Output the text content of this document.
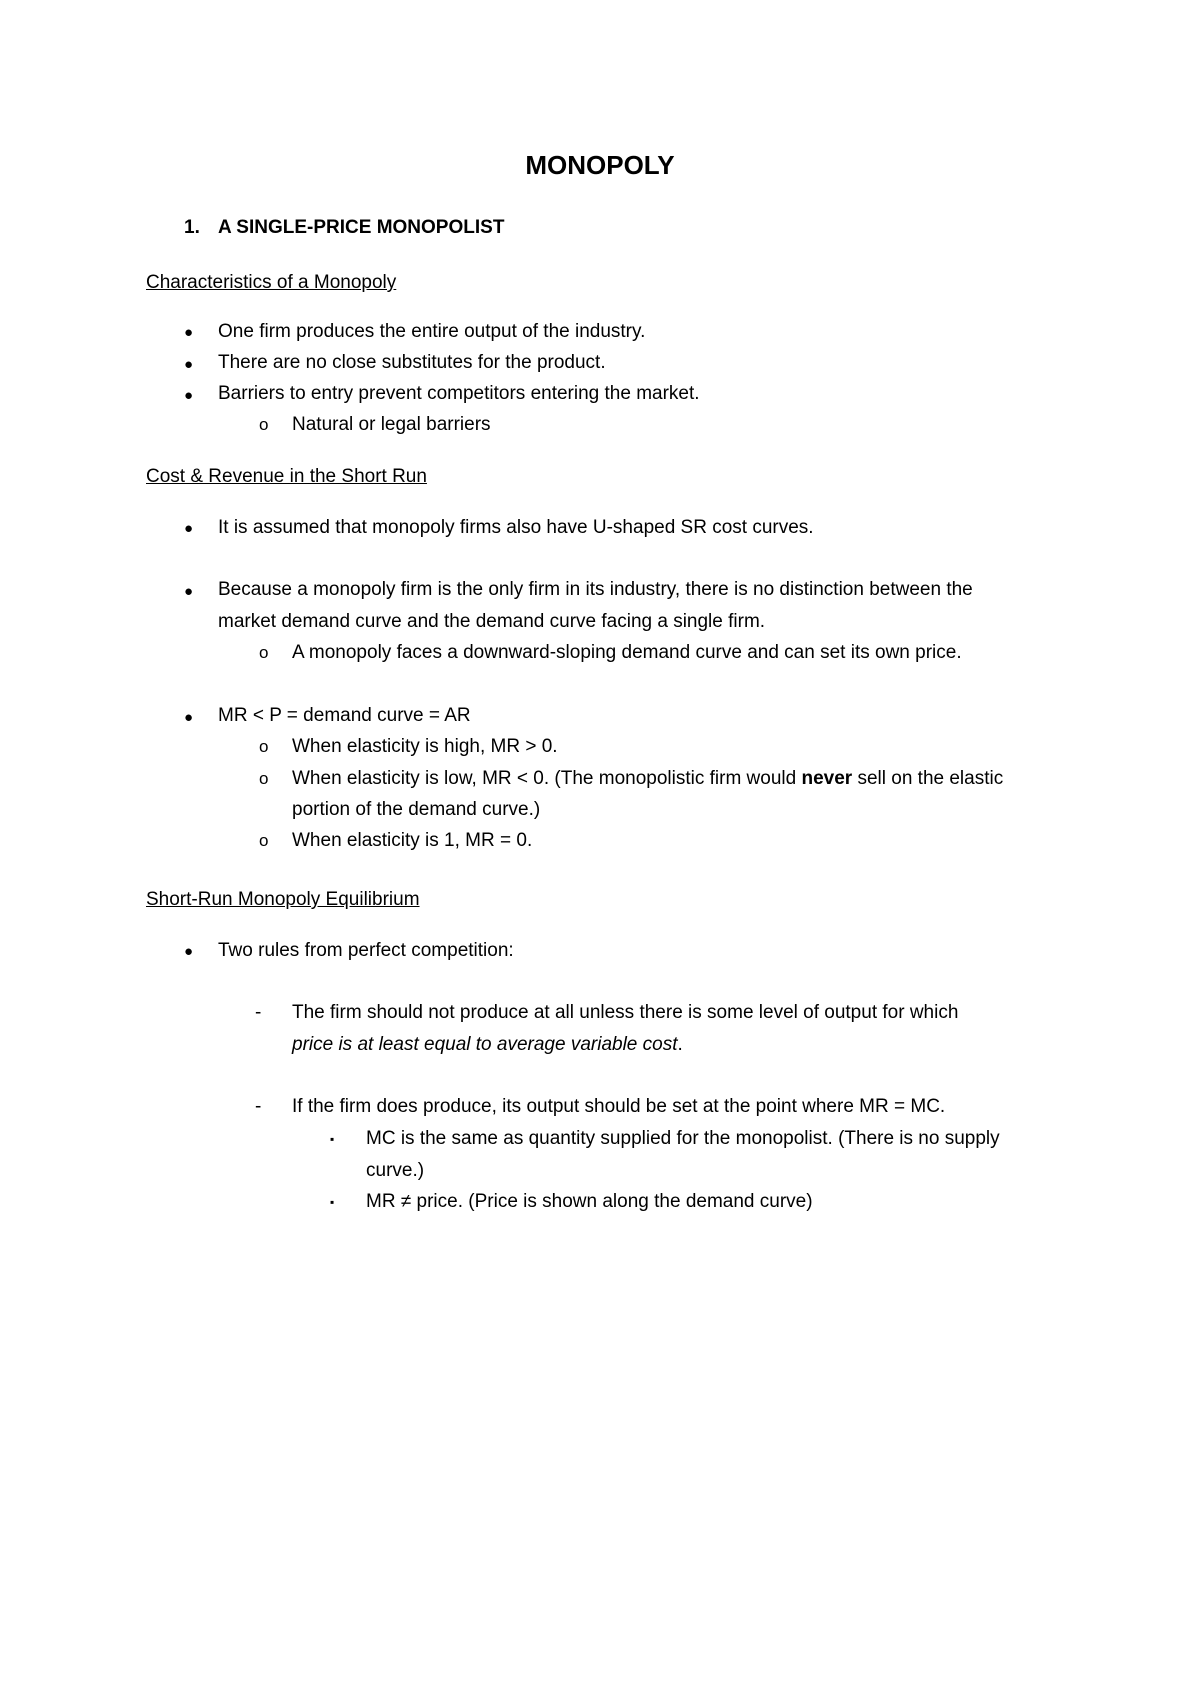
MONOPOLY
1. A SINGLE-PRICE MONOPOLIST
Characteristics of a Monopoly
● One firm produces the entire output of the industry.
● There are no close substitutes for the product.
● Barriers to entry prevent competitors entering the market.
o Natural or legal barriers
Cost & Revenue in the Short Run
● It is assumed that monopoly firms also have U-shaped SR cost curves.
● Because a monopoly firm is the only firm in its industry, there is no distinction between the
market demand curve and the demand curve facing a single firm.
o A monopoly faces a downward-sloping demand curve and can set its own price.
● MR < P = demand curve = AR
o When elasticity is high, MR > 0.
o When elasticity is low, MR < 0. (The monopolistic firm would never sell on the elastic
portion of the demand curve.)
o When elasticity is 1, MR = 0.
Short-Run Monopoly Equilibrium
● Two rules from perfect competition:
- The firm should not produce at all unless there is some level of output for which
price is at least equal to average variable cost.
- If the firm does produce, its output should be set at the point where MR = MC.
▪ MC is the same as quantity supplied for the monopolist. (There is no supply
curve.)
▪ MR ≠ price. (Price is shown along the demand curve)
